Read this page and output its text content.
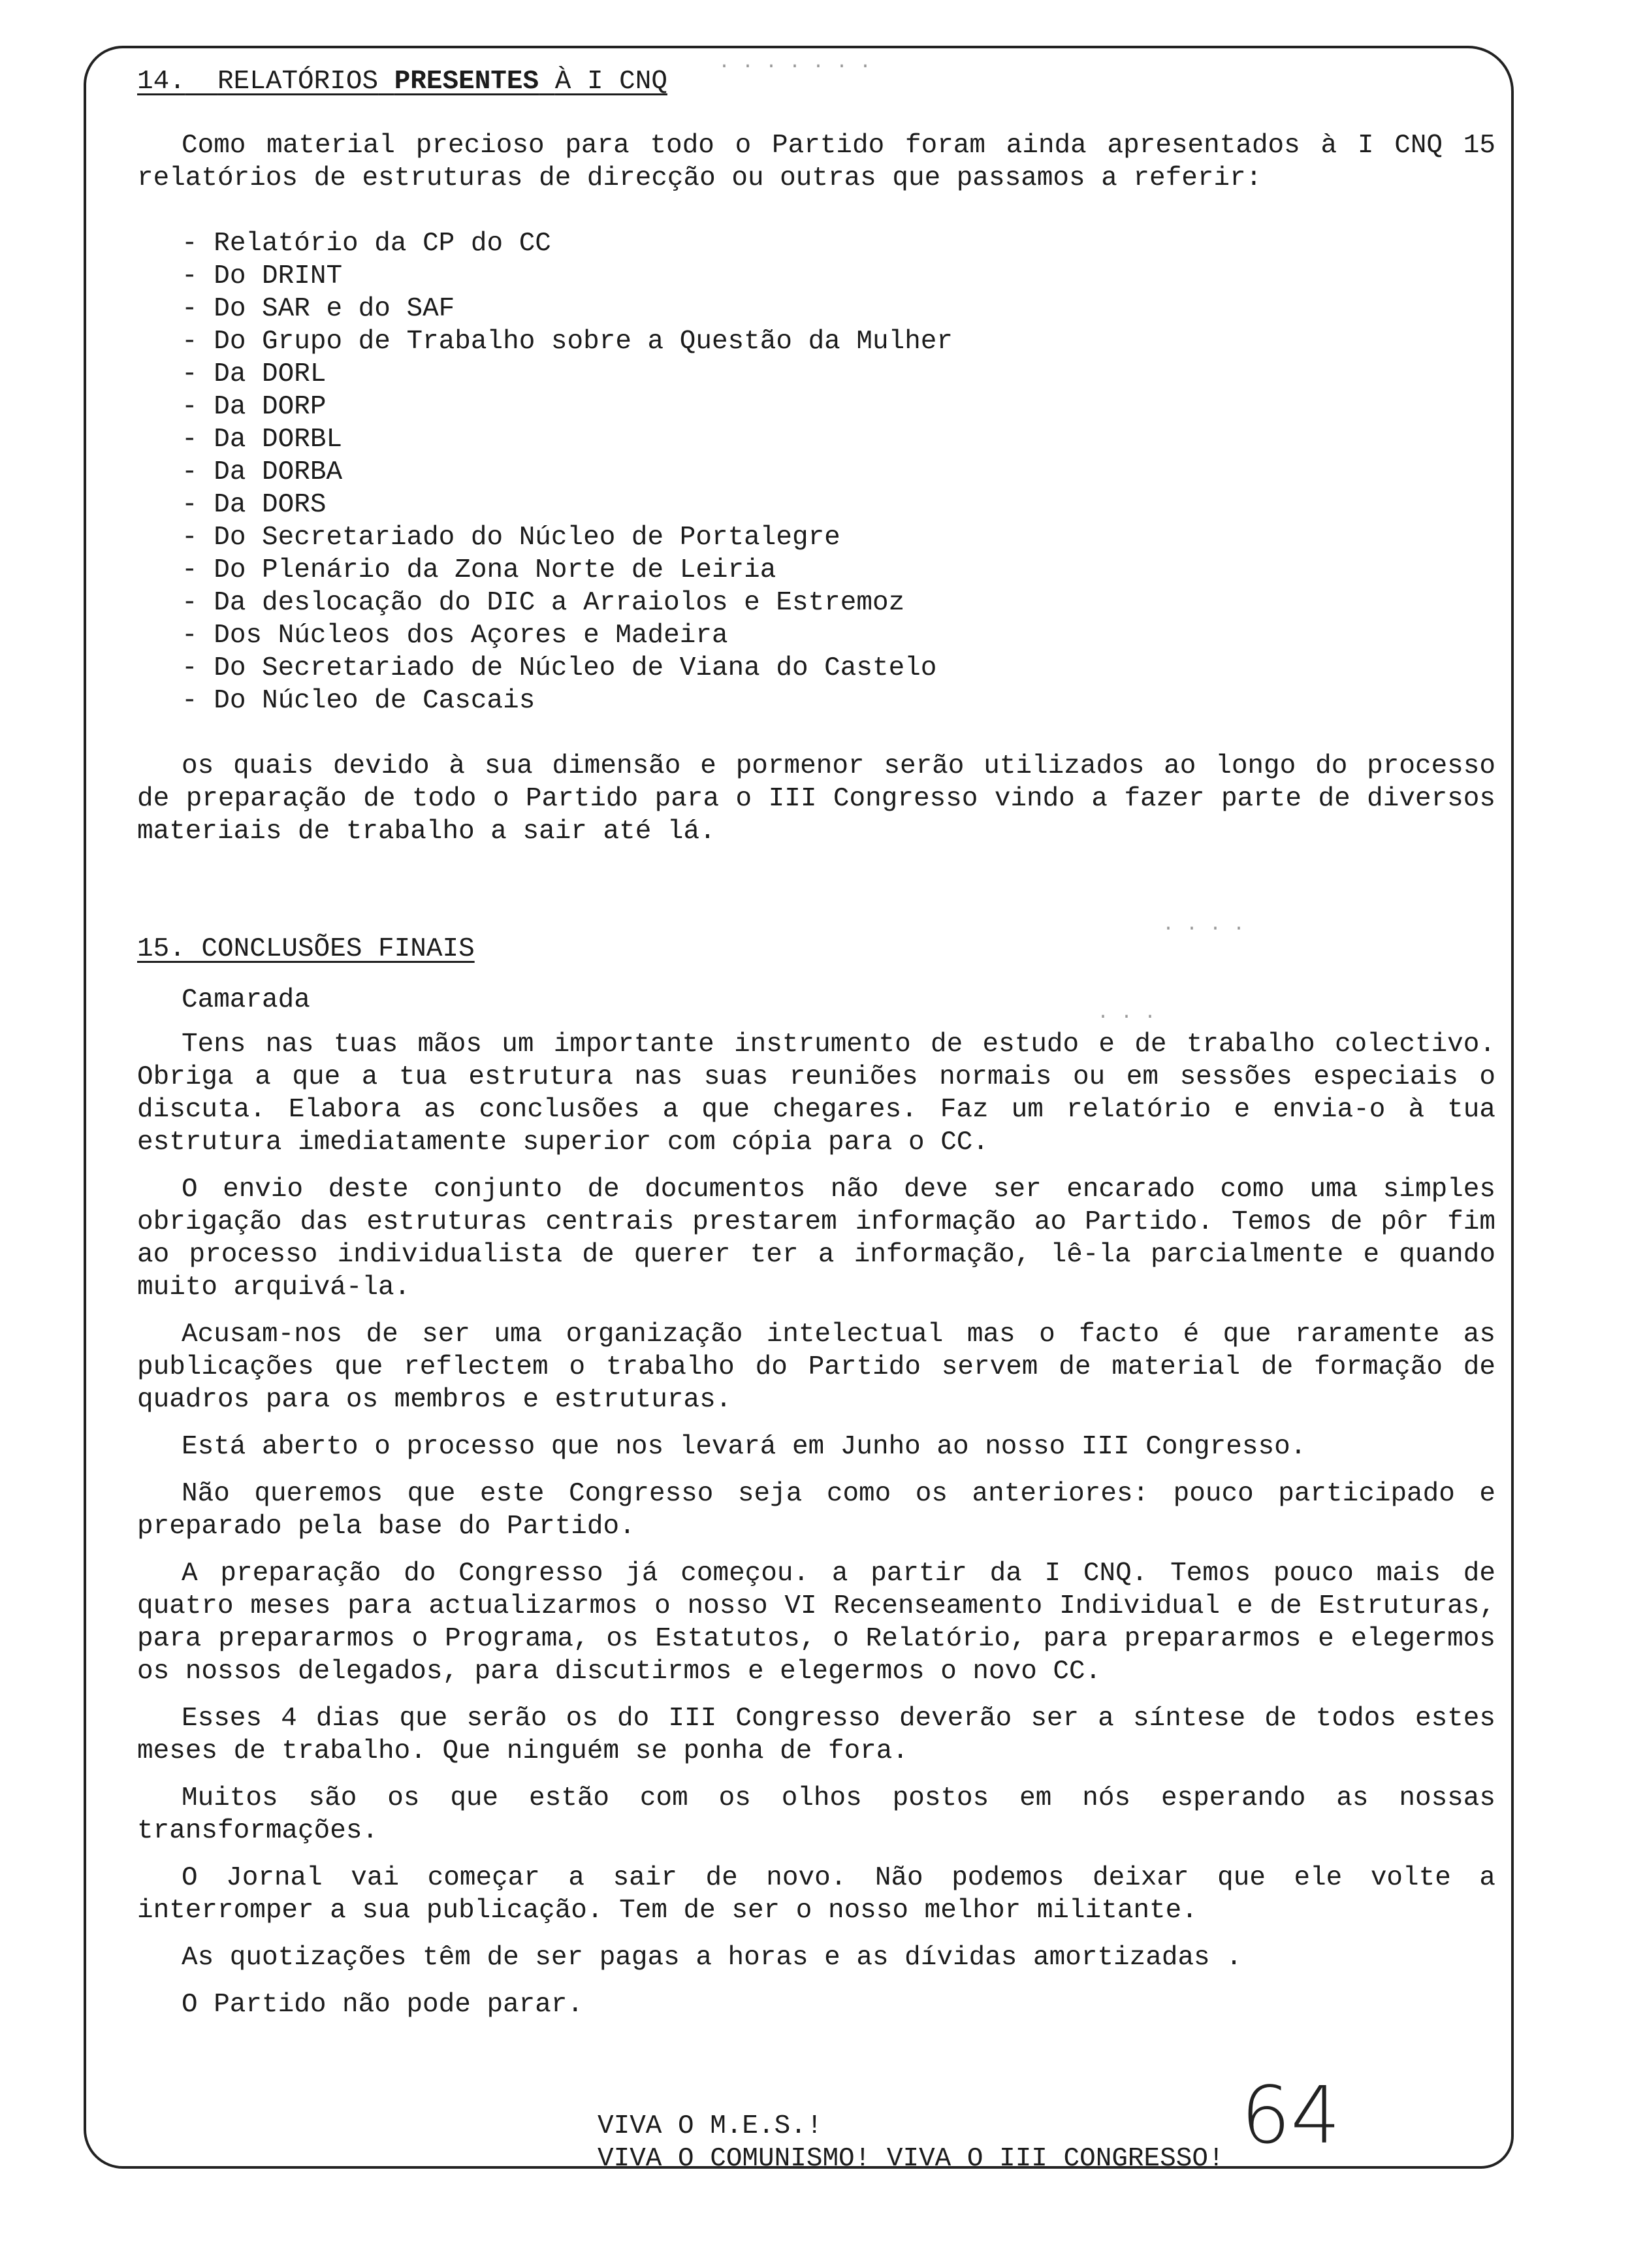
14. RELATÓRIOS PRESENTES À I CNQ

Como material precioso para todo o Partido foram ainda apresentados à I CNQ 15 relatórios de estruturas de direcção ou outras que passamos a referir:

- Relatório da CP do CC
- Do DRINT
- Do SAR e do SAF
- Do Grupo de Trabalho sobre a Questão da Mulher
- Da DORL
- Da DORP
- Da DORBL
- Da DORBA
- Da DORS
- Do Secretariado do Núcleo de Portalegre
- Do Plenário da Zona Norte de Leiria
- Da deslocação do DIC a Arraiolos e Estremoz
- Dos Núcleos dos Açores e Madeira
- Do Secretariado de Núcleo de Viana do Castelo
- Do Núcleo de Cascais

os quais devido à sua dimensão e pormenor serão utilizados ao longo do processo de preparação de todo o Partido para o III Congresso vindo a fazer parte de diversos materiais de trabalho a sair até lá.

15. CONCLUSÕES FINAIS

Camarada

Tens nas tuas mãos um importante instrumento de estudo e de trabalho colectivo. Obriga a que a tua estrutura nas suas reuniões normais ou em sessões especiais o discuta. Elabora as conclusões a que chegares. Faz um relatório e envia-o à tua estrutura imediatamente superior com cópia para o CC.

O envio deste conjunto de documentos não deve ser encarado como uma simples obrigação das estruturas centrais prestarem informação ao Partido. Temos de pôr fim ao processo individualista de querer ter a informação, lê-la parcialmente e quando muito arquivá-la.

Acusam-nos de ser uma organização intelectual mas o facto é que raramente as publicações que reflectem o trabalho do Partido servem de material de formação de quadros para os membros e estruturas.

Está aberto o processo que nos levará em Junho ao nosso III Congresso.

Não queremos que este Congresso seja como os anteriores: pouco participado e preparado pela base do Partido.

A preparação do Congresso já começou. a partir da I CNQ. Temos pouco mais de quatro meses para actualizarmos o nosso VI Recenseamento Individual e de Estruturas, para prepararmos o Programa, os Estatutos, o Relatório, para prepararmos e elegermos os nossos delegados, para discutirmos e elegermos o novo CC.

Esses 4 dias que serão os do III Congresso deverão ser a síntese de todos estes meses de trabalho. Que ninguém se ponha de fora.

Muitos são os que estão com os olhos postos em nós esperando as nossas transformações.

O Jornal vai começar a sair de novo. Não podemos deixar que ele volte a interromper a sua publicação. Tem de ser o nosso melhor militante.

As quotizações têm de ser pagas a horas e as dívidas amortizadas .

O Partido não pode parar.

VIVA O M.E.S.!
VIVA O COMUNISMO! VIVA O III CONGRESSO! 64
· · · · · · ·
· · · ·
· · ·
